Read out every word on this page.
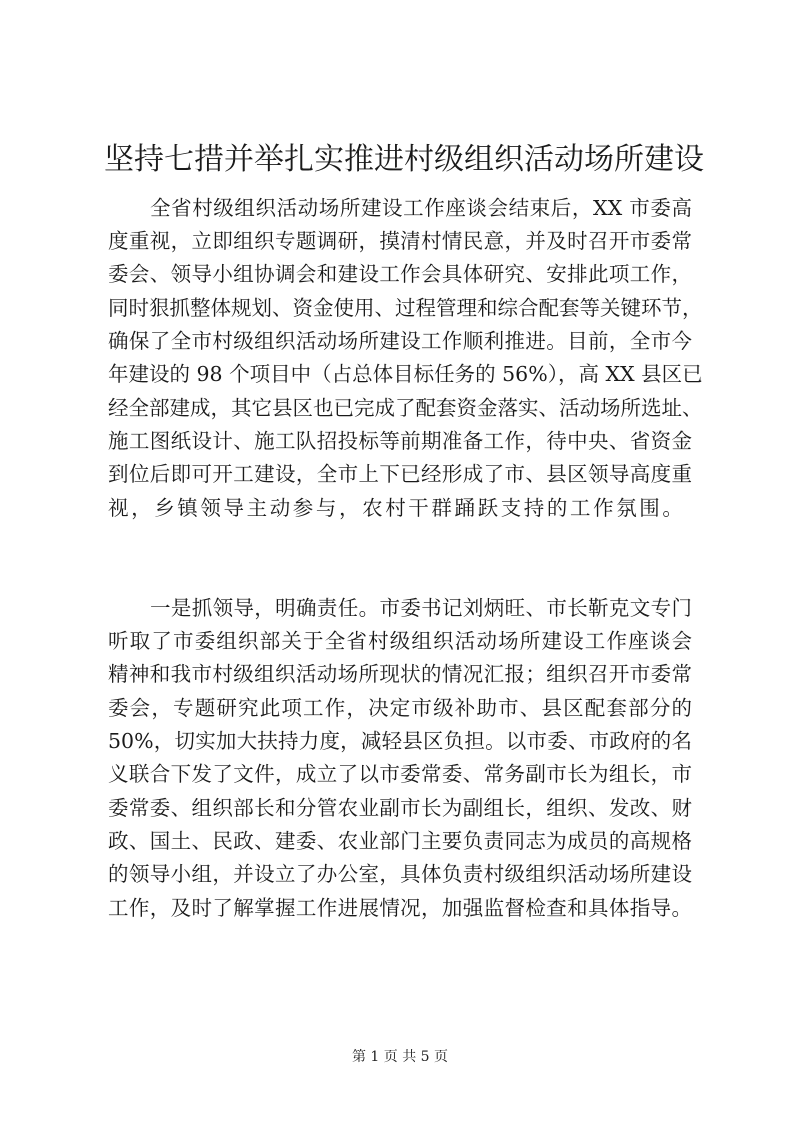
坚持七措并举扎实推进村级组织活动场所建设
全省村级组织活动场所建设工作座谈会结束后，XX 市委高
度重视，立即组织专题调研，摸清村情民意，并及时召开市委常
委会、领导小组协调会和建设工作会具体研究、安排此项工作，
同时狠抓整体规划、资金使用、过程管理和综合配套等关键环节，
确保了全市村级组织活动场所建设工作顺利推进。目前，全市今
年建设的 98 个项目中（占总体目标任务的 56%），高 XX 县区已
经全部建成，其它县区也已完成了配套资金落实、活动场所选址、
施工图纸设计、施工队招投标等前期准备工作，待中央、省资金
到位后即可开工建设，全市上下已经形成了市、县区领导高度重
视，乡镇领导主动参与，农村干群踊跃支持的工作氛围。
一是抓领导，明确责任。市委书记刘炳旺、市长靳克文专门
听取了市委组织部关于全省村级组织活动场所建设工作座谈会
精神和我市村级组织活动场所现状的情况汇报；组织召开市委常
委会，专题研究此项工作，决定市级补助市、县区配套部分的
50%，切实加大扶持力度，减轻县区负担。以市委、市政府的名
义联合下发了文件，成立了以市委常委、常务副市长为组长，市
委常委、组织部长和分管农业副市长为副组长，组织、发改、财
政、国土、民政、建委、农业部门主要负责同志为成员的高规格
的领导小组，并设立了办公室，具体负责村级组织活动场所建设
工作，及时了解掌握工作进展情况，加强监督检查和具体指导。
第 1 页 共 5 页
